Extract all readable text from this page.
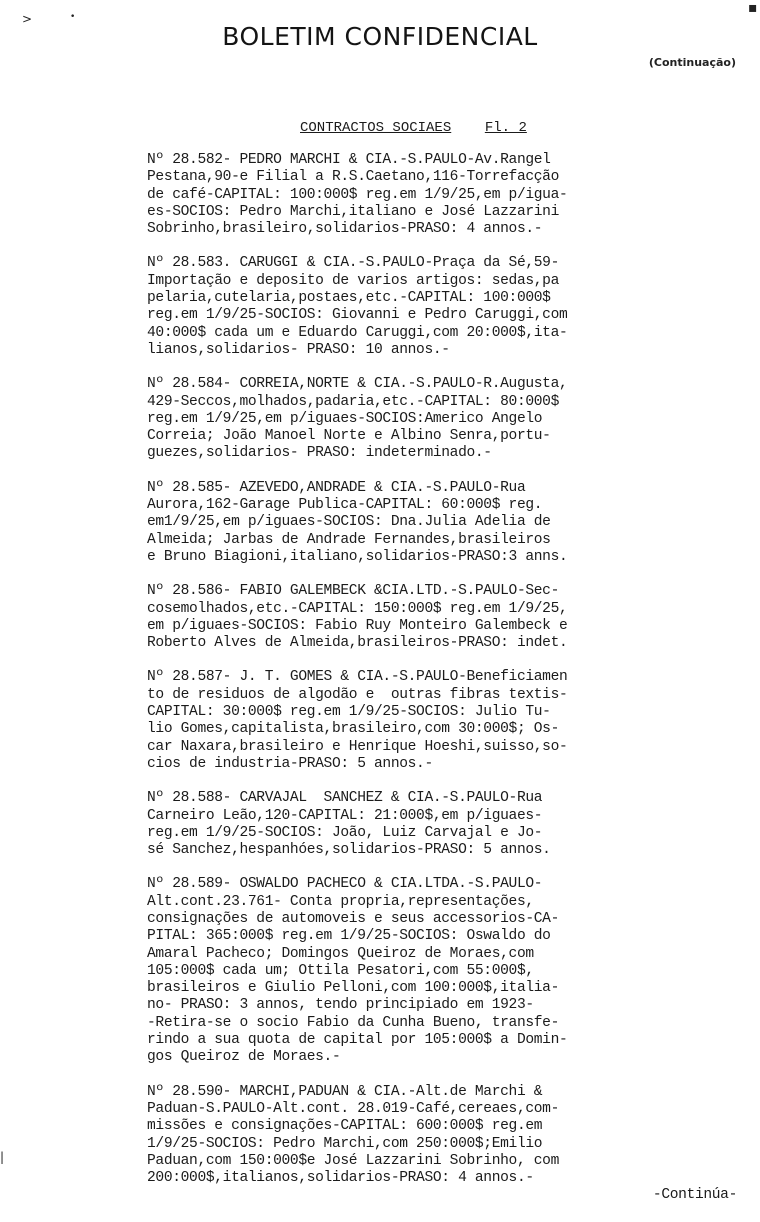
>	•
▪
|
BOLETIM CONFIDENCIAL
(Continuação)
CONTRACTOS SOCIAES Fl. 2
Nº 28.582- PEDRO MARCHI & CIA.-S.PAULO-Av.Rangel
Pestana,90-e Filial a R.S.Caetano,116-Torrefacção
de café-CAPITAL: 100:000$ reg.em 1/9/25,em p/igua-
es-SOCIOS: Pedro Marchi,italiano e José Lazzarini
Sobrinho,brasileiro,solidarios-PRASO: 4 annos.-
Nº 28.583. CARUGGI & CIA.-S.PAULO-Praça da Sé,59-
Importação e deposito de varios artigos: sedas,pa
pelaria,cutelaria,postaes,etc.-CAPITAL: 100:000$
reg.em 1/9/25-SOCIOS: Giovanni e Pedro Caruggi,com
40:000$ cada um e Eduardo Caruggi,com 20:000$,ita-
lianos,solidarios- PRASO: 10 annos.-
Nº 28.584- CORREIA,NORTE & CIA.-S.PAULO-R.Augusta,
429-Seccos,molhados,padaria,etc.-CAPITAL: 80:000$
reg.em 1/9/25,em p/iguaes-SOCIOS:Americo Angelo
Correia; João Manoel Norte e Albino Senra,portu-
guezes,solidarios- PRASO: indeterminado.-
Nº 28.585- AZEVEDO,ANDRADE & CIA.-S.PAULO-Rua
Aurora,162-Garage Publica-CAPITAL: 60:000$ reg.
em1/9/25,em p/iguaes-SOCIOS: Dna.Julia Adelia de
Almeida; Jarbas de Andrade Fernandes,brasileiros
e Bruno Biagioni,italiano,solidarios-PRASO:3 anns.
Nº 28.586- FABIO GALEMBECK &CIA.LTD.-S.PAULO-Sec-
cosemolhados,etc.-CAPITAL: 150:000$ reg.em 1/9/25,
em p/iguaes-SOCIOS: Fabio Ruy Monteiro Galembeck e
Roberto Alves de Almeida,brasileiros-PRASO: indet.
Nº 28.587- J. T. GOMES & CIA.-S.PAULO-Beneficiamen
to de residuos de algodão e  outras fibras textis-
CAPITAL: 30:000$ reg.em 1/9/25-SOCIOS: Julio Tu-
lio Gomes,capitalista,brasileiro,com 30:000$; Os-
car Naxara,brasileiro e Henrique Hoeshi,suisso,so-
cios de industria-PRASO: 5 annos.-
Nº 28.588- CARVAJAL  SANCHEZ & CIA.-S.PAULO-Rua
Carneiro Leão,120-CAPITAL: 21:000$,em p/iguaes-
reg.em 1/9/25-SOCIOS: João, Luiz Carvajal e Jo-
sé Sanchez,hespanhóes,solidarios-PRASO: 5 annos.
Nº 28.589- OSWALDO PACHECO & CIA.LTDA.-S.PAULO-
Alt.cont.23.761- Conta propria,representações,
consignações de automoveis e seus accessorios-CA-
PITAL: 365:000$ reg.em 1/9/25-SOCIOS: Oswaldo do
Amaral Pacheco; Domingos Queiroz de Moraes,com
105:000$ cada um; Ottila Pesatori,com 55:000$,
brasileiros e Giulio Pelloni,com 100:000$,italia-
no- PRASO: 3 annos, tendo principiado em 1923-
-Retira-se o socio Fabio da Cunha Bueno, transfe-
rindo a sua quota de capital por 105:000$ a Domin-
gos Queiroz de Moraes.-
Nº 28.590- MARCHI,PADUAN & CIA.-Alt.de Marchi &
Paduan-S.PAULO-Alt.cont. 28.019-Café,cereaes,com-
missões e consignações-CAPITAL: 600:000$ reg.em
1/9/25-SOCIOS: Pedro Marchi,com 250:000$;Emilio
Paduan,com 150:000$e José Lazzarini Sobrinho, com
200:000$,italianos,solidarios-PRASO: 4 annos.-
-Continúa-
